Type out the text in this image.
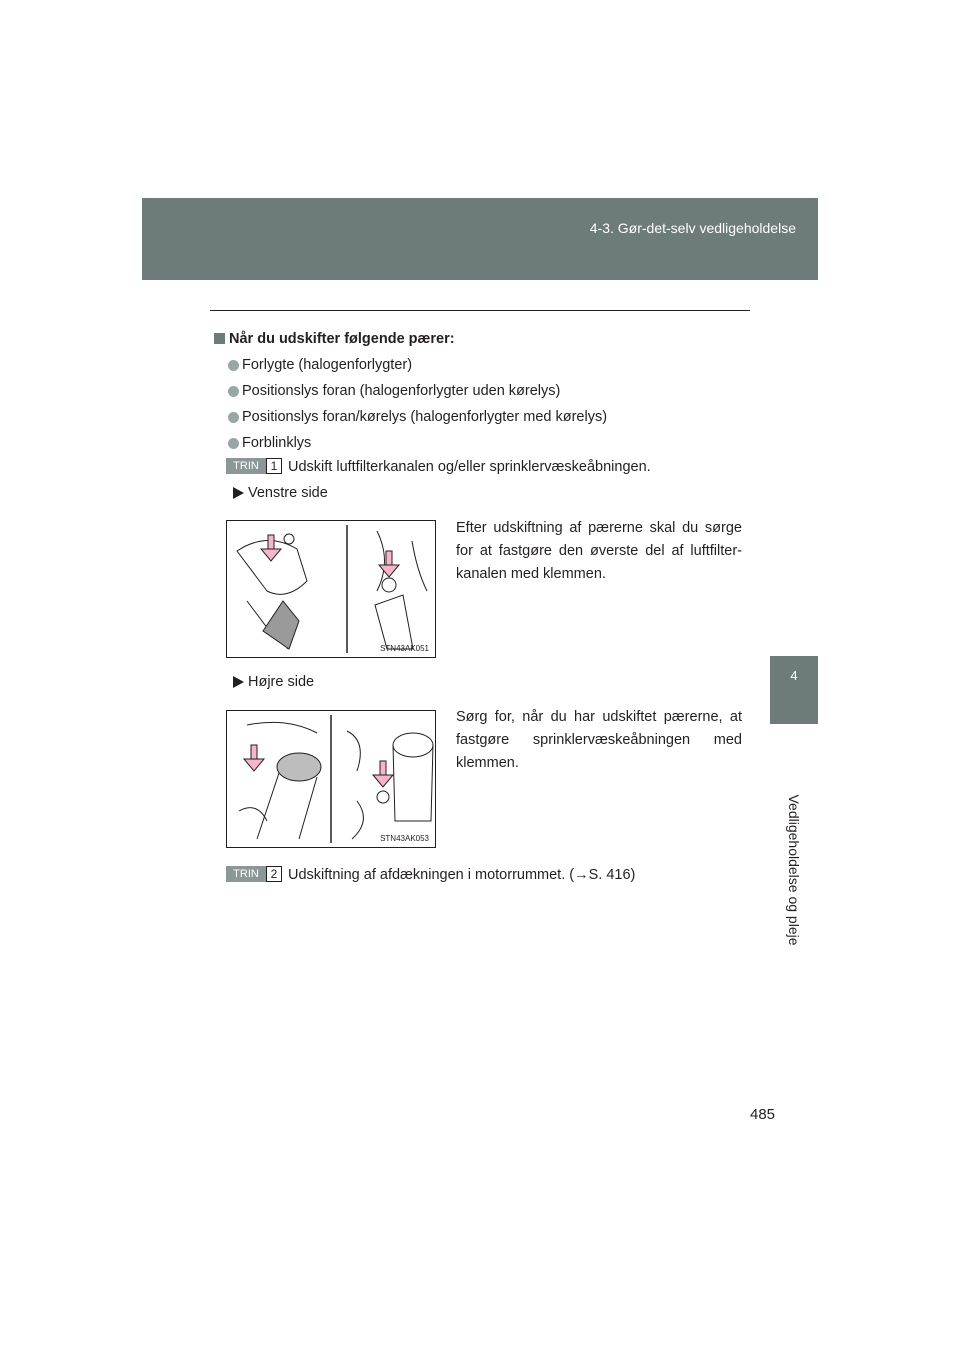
4-3. Gør-det-selv vedligeholdelse
4
Vedligeholdelse og pleje
Når du udskifter følgende pærer:
Forlygte (halogenforlygter)
Positionslys foran (halogenforlygter uden kørelys)
Positionslys foran/kørelys (halogenforlygter med kørelys)
Forblinklys
TRIN 1 Udskift luftfilterkanalen og/eller sprinklervæskeåbningen.
Venstre side
STN43AK051
Efter udskiftning af pærerne skal du sørge for at fastgøre den øverste del af luftfilter-kanalen med klemmen.
Højre side
STN43AK053
Sørg for, når du har udskiftet pærerne, at fastgøre sprinklervæskeåbningen med klemmen.
TRIN 2 Udskiftning af afdækningen i motorrummet. (→S. 416)
485
